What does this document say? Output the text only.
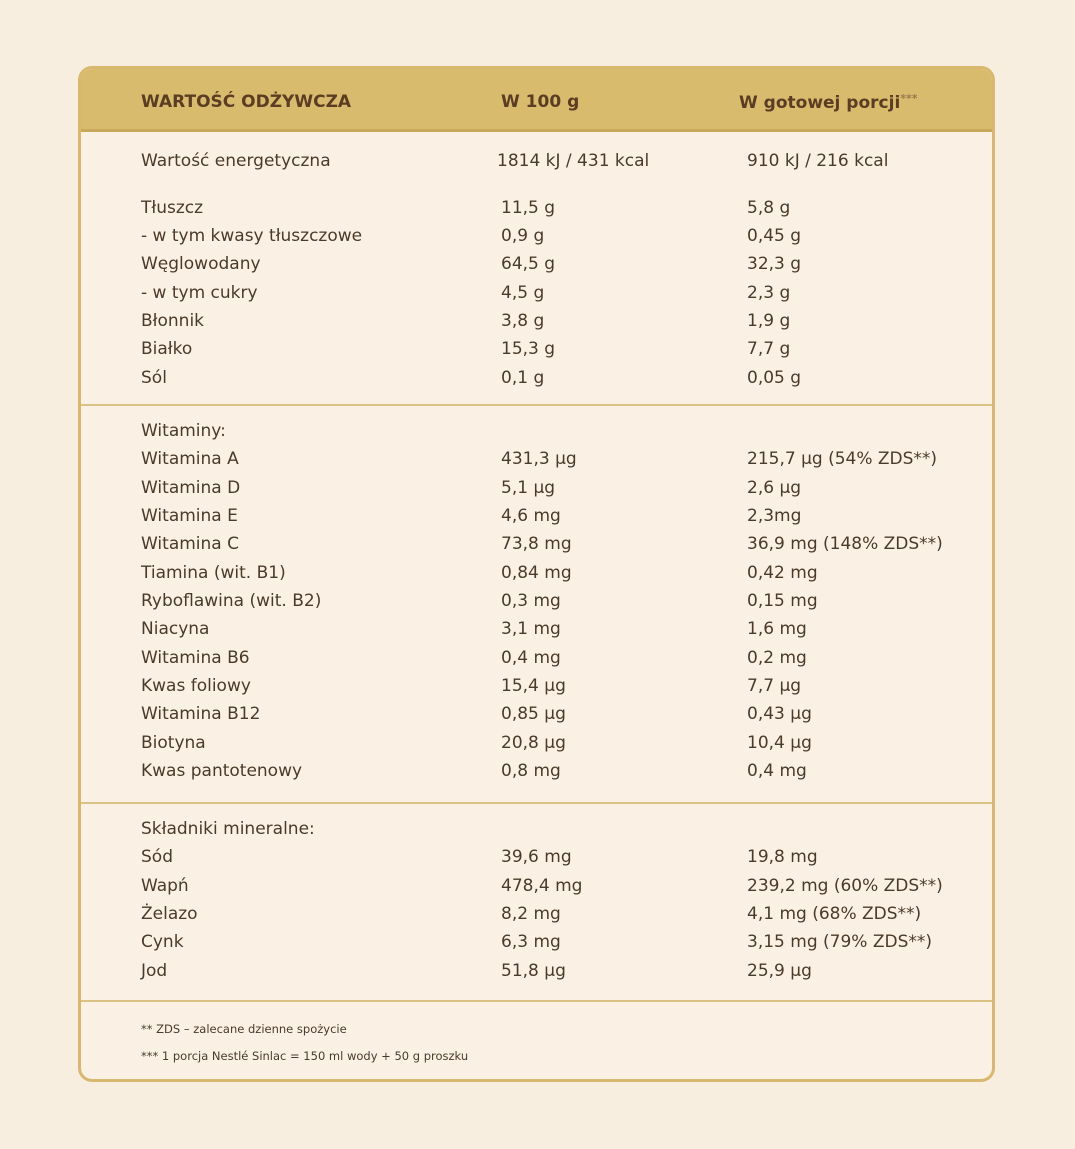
WARTOŚĆ ODŻYWCZA	W 100 g	W gotowej porcji***
Wartość energetyczna	1814 kJ / 431 kcal	910 kJ / 216 kcal
Tłuszcz	11,5 g	5,8 g
- w tym kwasy tłuszczowe	0,9 g	0,45 g
Węglowodany	64,5 g	32,3 g
- w tym cukry	4,5 g	2,3 g
Błonnik	3,8 g	1,9 g
Białko	15,3 g	7,7 g
Sól	0,1 g	0,05 g
Witaminy:
Witamina A	431,3 µg	215,7 µg (54% ZDS**)
Witamina D	5,1 µg	2,6 µg
Witamina E	4,6 mg	2,3mg
Witamina C	73,8 mg	36,9 mg (148% ZDS**)
Tiamina (wit. B1)	0,84 mg	0,42 mg
Ryboflawina (wit. B2)	0,3 mg	0,15 mg
Niacyna	3,1 mg	1,6 mg
Witamina B6	0,4 mg	0,2 mg
Kwas foliowy	15,4 µg	7,7 µg
Witamina B12	0,85 µg	0,43 µg
Biotyna	20,8 µg	10,4 µg
Kwas pantotenowy	0,8 mg	0,4 mg
Składniki mineralne:
Sód	39,6 mg	19,8 mg
Wapń	478,4 mg	239,2 mg (60% ZDS**)
Żelazo	8,2 mg	4,1 mg (68% ZDS**)
Cynk	6,3 mg	3,15 mg (79% ZDS**)
Jod	51,8 µg	25,9 µg
** ZDS – zalecane dzienne spożycie
*** 1 porcja Nestlé Sinlac = 150 ml wody + 50 g proszku
